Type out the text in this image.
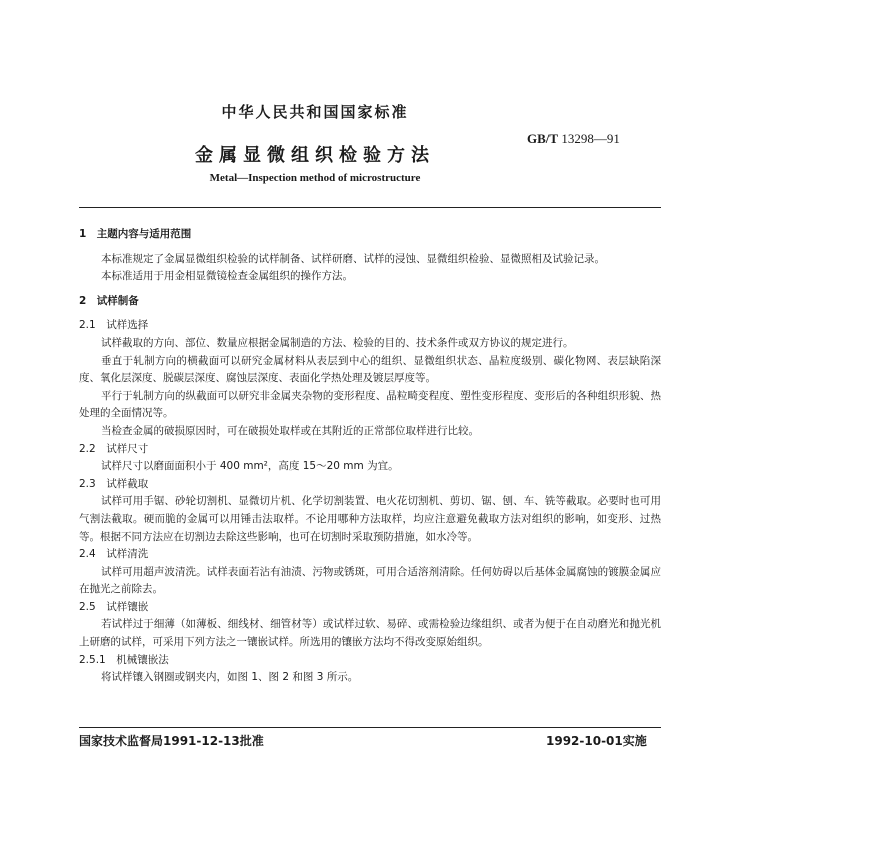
中华人民共和国国家标准
GB/T 13298—91
金属显微组织检验方法
Metal—Inspection method of microstructure

1　主题内容与适用范围

本标准规定了金属显微组织检验的试样制备、试样研磨、试样的浸蚀、显微组织检验、显微照相及试验记录。

本标准适用于用金相显微镜检查金属组织的操作方法。

2　试样制备

2.1　试样选择

试样截取的方向、部位、数量应根据金属制造的方法、检验的目的、技术条件或双方协议的规定进行。

垂直于轧制方向的横截面可以研究金属材料从表层到中心的组织、显微组织状态、晶粒度级别、碳化物网、表层缺陷深度、氧化层深度、脱碳层深度、腐蚀层深度、表面化学热处理及镀层厚度等。

平行于轧制方向的纵截面可以研究非金属夹杂物的变形程度、晶粒畸变程度、塑性变形程度、变形后的各种组织形貌、热处理的全面情况等。

当检查金属的破损原因时，可在破损处取样或在其附近的正常部位取样进行比较。

2.2　试样尺寸

试样尺寸以磨面面积小于 400 mm²，高度 15～20 mm 为宜。

2.3　试样截取

试样可用手锯、砂轮切割机、显微切片机、化学切割装置、电火花切割机、剪切、锯、刨、车、铣等截取。必要时也可用气割法截取。硬而脆的金属可以用锤击法取样。不论用哪种方法取样，均应注意避免截取方法对组织的影响，如变形、过热等。根据不同方法应在切割边去除这些影响，也可在切割时采取预防措施，如水冷等。

2.4　试样清洗

试样可用超声波清洗。试样表面若沾有油渍、污物或锈斑，可用合适溶剂清除。任何妨碍以后基体金属腐蚀的镀膜金属应在抛光之前除去。

2.5　试样镶嵌

若试样过于细薄（如薄板、细线材、细管材等）或试样过软、易碎、或需检验边缘组织、或者为便于在自动磨光和抛光机上研磨的试样，可采用下列方法之一镶嵌试样。所选用的镶嵌方法均不得改变原始组织。

2.5.1　机械镶嵌法

将试样镶入钢圈或钢夹内，如图 1、图 2 和图 3 所示。

国家技术监督局1991-12-13批准	1992-10-01实施
